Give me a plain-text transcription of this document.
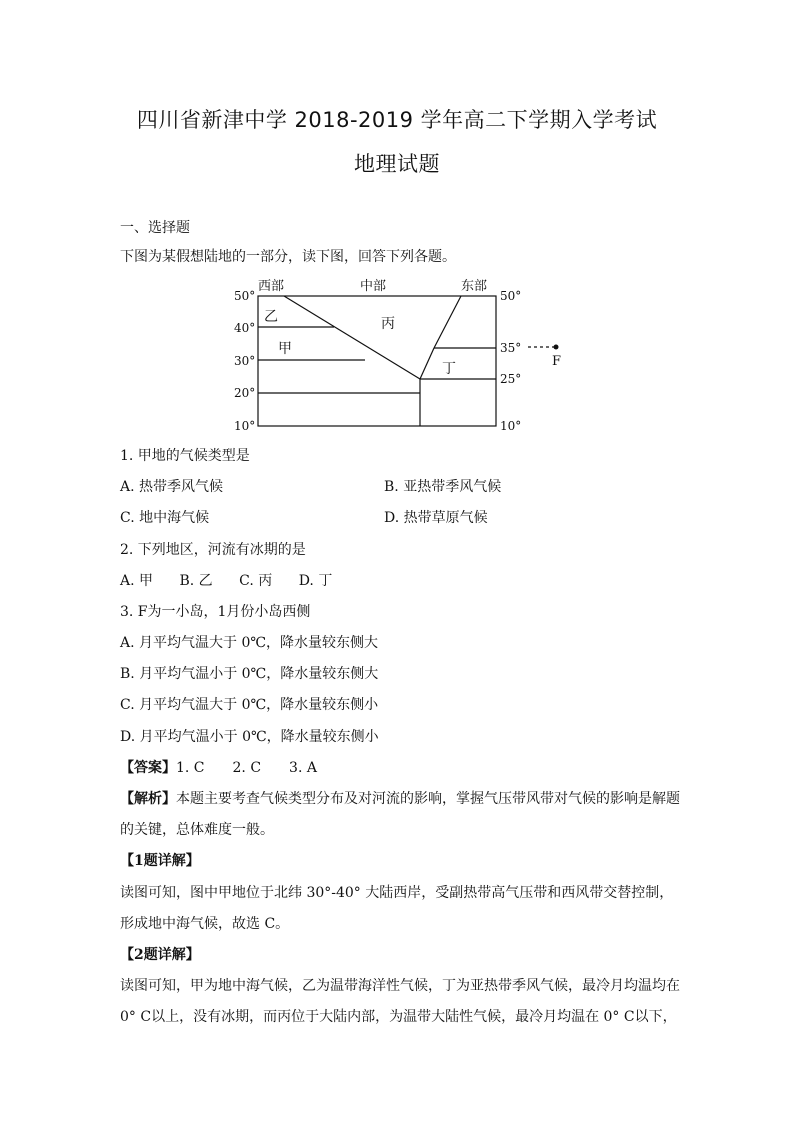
四川省新津中学 2018-2019 学年高二下学期入学考试
地理试题
一、选择题
下图为某假想陆地的一部分，读下图，回答下列各题。
西部	中部	东部
乙	丙
甲
丁	F
50°
40°
30°
20°
10°
50°
35°
25°
10°
1. 甲地的气候类型是
A. 热带季风气候	B. 亚热带季风气候
C. 地中海气候	D. 热带草原气候
2. 下列地区，河流有冰期的是
A. 甲 B. 乙 C. 丙 D. 丁
3. F为一小岛，1月份小岛西侧
A. 月平均气温大于 0℃，降水量较东侧大
B. 月平均气温小于 0℃，降水量较东侧大
C. 月平均气温大于 0℃，降水量较东侧小
D. 月平均气温小于 0℃，降水量较东侧小
【答案】1. C　　2. C　　3. A
【解析】本题主要考查气候类型分布及对河流的影响，掌握气压带风带对气候的影响是解题
的关键，总体难度一般。
【1题详解】
读图可知，图中甲地位于北纬 30°-40° 大陆西岸，受副热带高气压带和西风带交替控制，
形成地中海气候，故选 C。
【2题详解】
读图可知，甲为地中海气候，乙为温带海洋性气候，丁为亚热带季风气候，最冷月均温均在
0° C以上，没有冰期，而丙位于大陆内部，为温带大陆性气候，最冷月均温在 0° C以下，
